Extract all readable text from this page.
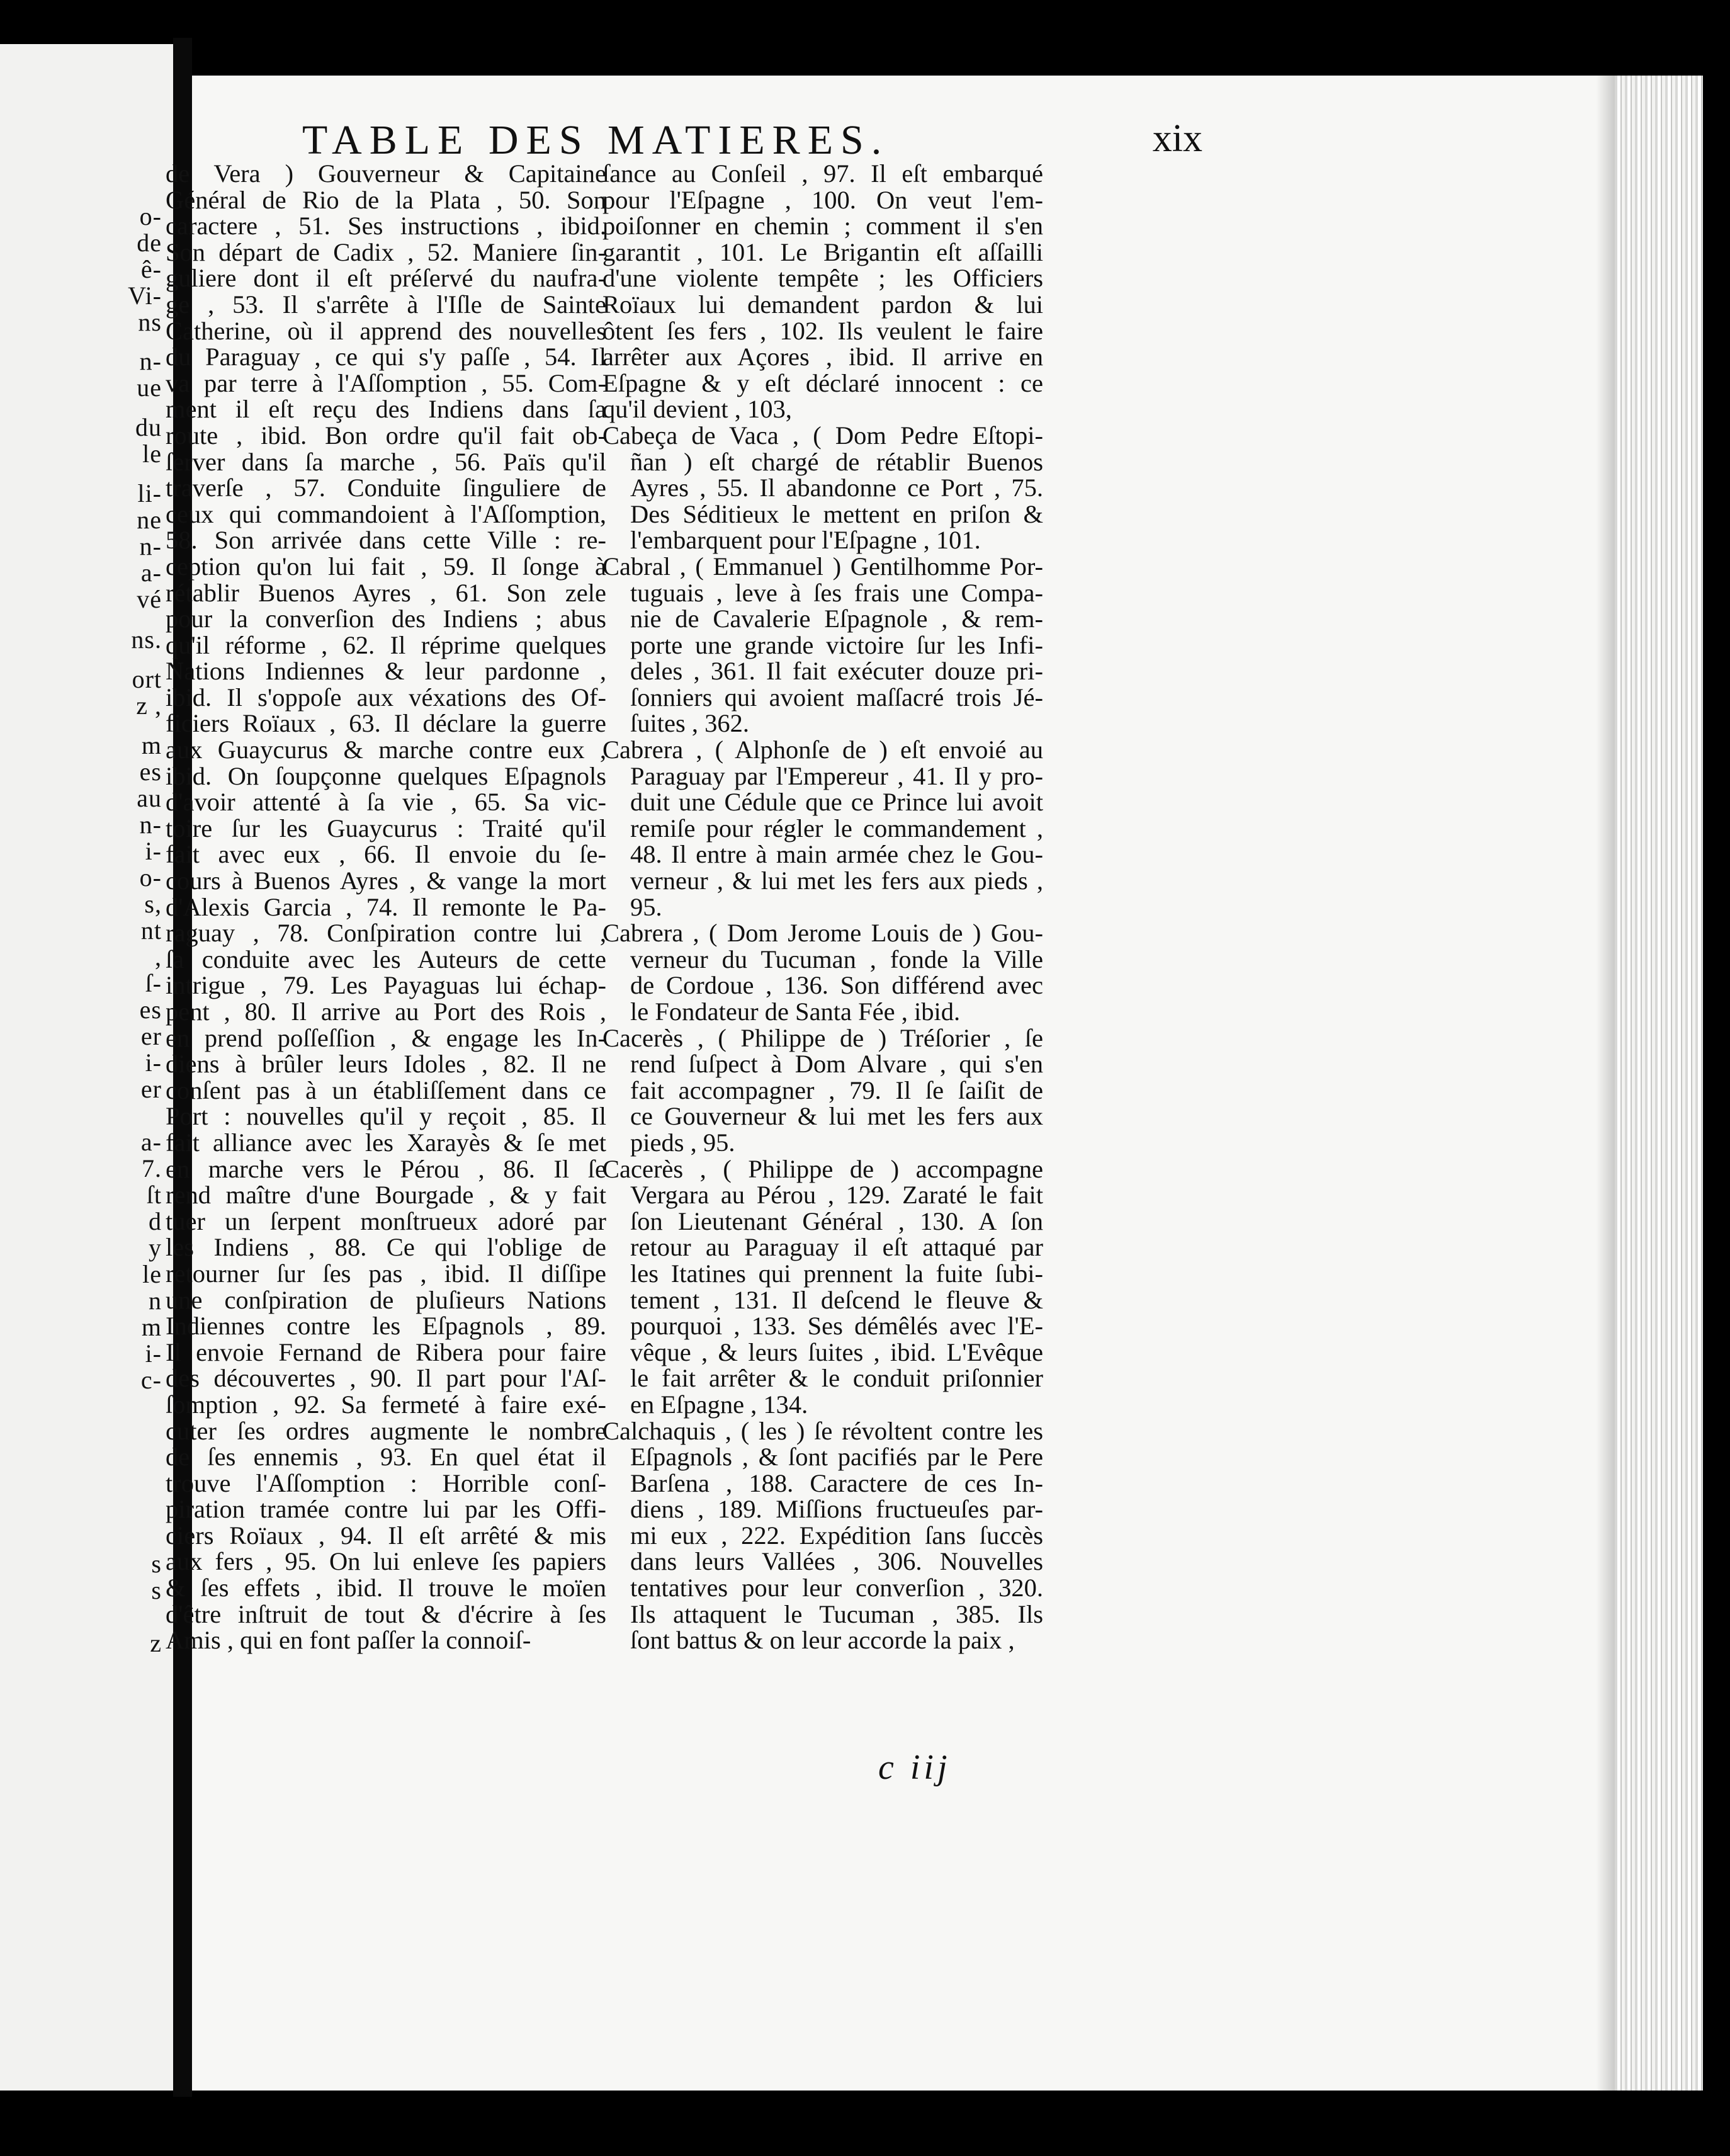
o-
de
ê-
Vi-
ns
n-
ue
du
le
li-
ne
n-
a-
vé
ns.
ort
z ,
m
es
au
n-
i-
o-
s,
nt
,
ſ-
es
er
i-
er
a-
7.
ſt
d
y
le
n
m
i-
c-
s
s
z
TABLE DES MATIERES.	xix
de Vera ) Gouverneur & Capitaine
Général de Rio de la Plata , 50. Son
caractere , 51. Ses instructions , ibid.
Son départ de Cadix , 52. Maniere ſin-
guliere dont il eſt préſervé du naufra-
ge , 53. Il s'arrête à l'Iſle de Sainte
Catherine, où il apprend des nouvelles
du Paraguay , ce qui s'y paſſe , 54. Il
va par terre à l'Aſſomption , 55. Com-
ment il eſt reçu des Indiens dans ſa
route , ibid. Bon ordre qu'il fait ob-
ſerver dans ſa marche , 56. Païs qu'il
traverſe , 57. Conduite ſinguliere de
ceux qui commandoient à l'Aſſomption,
58. Son arrivée dans cette Ville : re-
ception qu'on lui fait , 59. Il ſonge à
rétablir Buenos Ayres , 61. Son zele
pour la converſion des Indiens ; abus
qu'il réforme , 62. Il réprime quelques
Nations Indiennes & leur pardonne ,
ibid. Il s'oppoſe aux véxations des Of-
ficiers Roïaux , 63. Il déclare la guerre
aux Guaycurus & marche contre eux ,
ibid. On ſoupçonne quelques Eſpagnols
d'avoir attenté à ſa vie , 65. Sa vic-
toire ſur les Guaycurus : Traité qu'il
fait avec eux , 66. Il envoie du ſe-
cours à Buenos Ayres , & vange la mort
d'Alexis Garcia , 74. Il remonte le Pa-
raguay , 78. Conſpiration contre lui ,
ſa conduite avec les Auteurs de cette
intrigue , 79. Les Payaguas lui échap-
pent , 80. Il arrive au Port des Rois ,
en prend poſſeſſion , & engage les In-
diens à brûler leurs Idoles , 82. Il ne
conſent pas à un établiſſement dans ce
Port : nouvelles qu'il y reçoit , 85. Il
fait alliance avec les Xarayès & ſe met
en marche vers le Pérou , 86. Il ſe
rend maître d'une Bourgade , & y fait
tuer un ſerpent monſtrueux adoré par
les Indiens , 88. Ce qui l'oblige de
retourner ſur ſes pas , ibid. Il diſſipe
une conſpiration de pluſieurs Nations
Indiennes contre les Eſpagnols , 89.
Il envoie Fernand de Ribera pour faire
des découvertes , 90. Il part pour l'Aſ-
ſomption , 92. Sa fermeté à faire exé-
cuter ſes ordres augmente le nombre
de ſes ennemis , 93. En quel état il
trouve l'Aſſomption : Horrible conſ-
piration tramée contre lui par les Offi-
ciers Roïaux , 94. Il eſt arrêté & mis
aux fers , 95. On lui enleve ſes papiers
& ſes effets , ibid. Il trouve le moïen
d'être inſtruit de tout & d'écrire à ſes
Amis , qui en font paſſer la connoiſ-
ſance au Conſeil , 97. Il eſt embarqué
pour l'Eſpagne , 100. On veut l'em-
poiſonner en chemin ; comment il s'en
garantit , 101. Le Brigantin eſt aſſailli
d'une violente tempête ; les Officiers
Roïaux lui demandent pardon & lui
ôtent ſes fers , 102. Ils veulent le faire
arrêter aux Açores , ibid. Il arrive en
Eſpagne & y eſt déclaré innocent : ce
qu'il devient , 103,
Cabeça de Vaca , ( Dom Pedre Eſtopi-
ñan ) eſt chargé de rétablir Buenos
Ayres , 55. Il abandonne ce Port , 75.
Des Séditieux le mettent en priſon &
l'embarquent pour l'Eſpagne , 101.
Cabral , ( Emmanuel ) Gentilhomme Por-
tuguais , leve à ſes frais une Compa-
nie de Cavalerie Eſpagnole , & rem-
porte une grande victoire ſur les Infi-
deles , 361. Il fait exécuter douze pri-
ſonniers qui avoient maſſacré trois Jé-
ſuites , 362.
Cabrera , ( Alphonſe de ) eſt envoié au
Paraguay par l'Empereur , 41. Il y pro-
duit une Cédule que ce Prince lui avoit
remiſe pour régler le commandement ,
48. Il entre à main armée chez le Gou-
verneur , & lui met les fers aux pieds ,
95.
Cabrera , ( Dom Jerome Louis de ) Gou-
verneur du Tucuman , fonde la Ville
de Cordoue , 136. Son différend avec
le Fondateur de Santa Fée , ibid.
Cacerès , ( Philippe de ) Tréſorier , ſe
rend ſuſpect à Dom Alvare , qui s'en
fait accompagner , 79. Il ſe ſaiſit de
ce Gouverneur & lui met les fers aux
pieds , 95.
Cacerès , ( Philippe de ) accompagne
Vergara au Pérou , 129. Zaraté le fait
ſon Lieutenant Général , 130. A ſon
retour au Paraguay il eſt attaqué par
les Itatines qui prennent la fuite ſubi-
tement , 131. Il deſcend le fleuve &
pourquoi , 133. Ses démêlés avec l'E-
vêque , & leurs ſuites , ibid. L'Evêque
le fait arrêter & le conduit priſonnier
en Eſpagne , 134.
Calchaquis , ( les ) ſe révoltent contre les
Eſpagnols , & ſont pacifiés par le Pere
Barſena , 188. Caractere de ces In-
diens , 189. Miſſions fructueuſes par-
mi eux , 222. Expédition ſans ſuccès
dans leurs Vallées , 306. Nouvelles
tentatives pour leur converſion , 320.
Ils attaquent le Tucuman , 385. Ils
ſont battus & on leur accorde la paix ,
c iij
